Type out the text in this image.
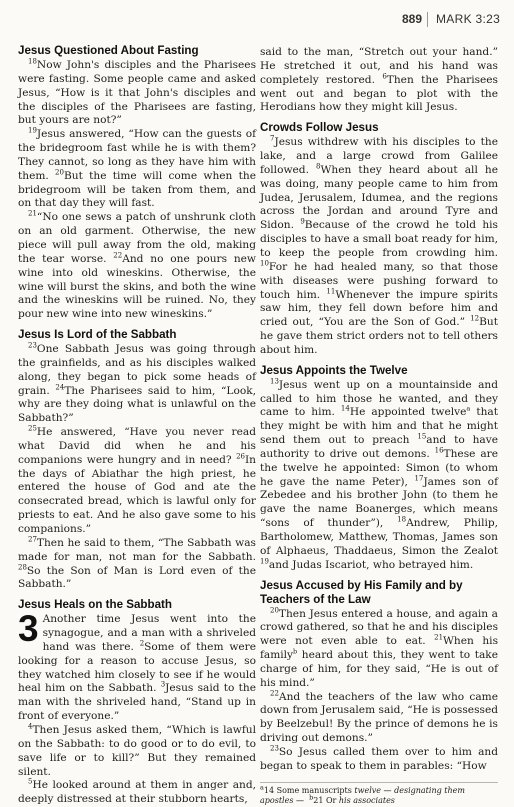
889 MARK 3:23
Jesus Questioned About Fasting

$^{18}$Now John's disciples and the Pharisees were fasting. Some people came and asked Jesus, “How is it that John's disciples and the disciples of the Pharisees are fasting, but yours are not?”

$^{19}$Jesus answered, “How can the guests of the bridegroom fast while he is with them? They cannot, so long as they have him with them. $^{20}$But the time will come when the bridegroom will be taken from them, and on that day they will fast.

$^{21}$“No one sews a patch of unshrunk cloth on an old garment. Otherwise, the new piece will pull away from the old, making the tear worse. $^{22}$And no one pours new wine into old wineskins. Otherwise, the wine will burst the skins, and both the wine and the wineskins will be ruined. No, they pour new wine into new wineskins.”

Jesus Is Lord of the Sabbath

$^{23}$One Sabbath Jesus was going through the grainfields, and as his disciples walked along, they began to pick some heads of grain. $^{24}$The Pharisees said to him, “Look, why are they doing what is unlawful on the Sabbath?”

$^{25}$He answered, “Have you never read what David did when he and his companions were hungry and in need? $^{26}$In the days of Abiathar the high priest, he entered the house of God and ate the consecrated bread, which is lawful only for priests to eat. And he also gave some to his companions.”

$^{27}$Then he said to them, “The Sabbath was made for man, not man for the Sabbath. $^{28}$So the Son of Man is Lord even of the Sabbath.”

Jesus Heals on the Sabbath
3 Another time Jesus went into the synagogue, and a man with a shriveled hand was there. $^2$Some of them were looking for a reason to accuse Jesus, so they watched him closely to see if he would heal him on the Sabbath. $^3$Jesus said to the man with the shriveled hand, “Stand up in front of everyone.”

$^4$Then Jesus asked them, “Which is lawful on the Sabbath: to do good or to do evil, to save life or to kill?” But they remained silent.

$^5$He looked around at them in anger and, deeply distressed at their stubborn hearts,

said to the man, “Stretch out your hand.” He stretched it out, and his hand was completely restored. $^6$Then the Pharisees went out and began to plot with the Herodians how they might kill Jesus.

Crowds Follow Jesus

$^7$Jesus withdrew with his disciples to the lake, and a large crowd from Galilee followed. $^8$When they heard about all he was doing, many people came to him from Judea, Jerusalem, Idumea, and the regions across the Jordan and around Tyre and Sidon. $^9$Because of the crowd he told his disciples to have a small boat ready for him, to keep the people from crowding him. $^{10}$For he had healed many, so that those with diseases were pushing forward to touch him. $^{11}$Whenever the impure spirits saw him, they fell down before him and cried out, “You are the Son of God.” $^{12}$But he gave them strict orders not to tell others about him.

Jesus Appoints the Twelve

$^{13}$Jesus went up on a mountainside and called to him those he wanted, and they came to him. $^{14}$He appointed twelve$^a$ that they might be with him and that he might send them out to preach $^{15}$and to have authority to drive out demons. $^{16}$These are the twelve he appointed: Simon (to whom he gave the name Peter), $^{17}$James son of Zebedee and his brother John (to them he gave the name Boanerges, which means “sons of thunder”), $^{18}$Andrew, Philip, Bartholomew, Matthew, Thomas, James son of Alphaeus, Thaddaeus, Simon the Zealot $^{19}$and Judas Iscariot, who betrayed him.

Jesus Accused by His Family and by Teachers of the Law

$^{20}$Then Jesus entered a house, and again a crowd gathered, so that he and his disciples were not even able to eat. $^{21}$When his family$^b$ heard about this, they went to take charge of him, for they said, “He is out of his mind.”

$^{22}$And the teachers of the law who came down from Jerusalem said, “He is possessed by Beelzebul! By the prince of demons he is driving out demons.”

$^{23}$So Jesus called them over to him and began to speak to them in parables: “How

$^a$14 Some manuscripts twelve — designating them apostles — $^b$21 Or his associates
